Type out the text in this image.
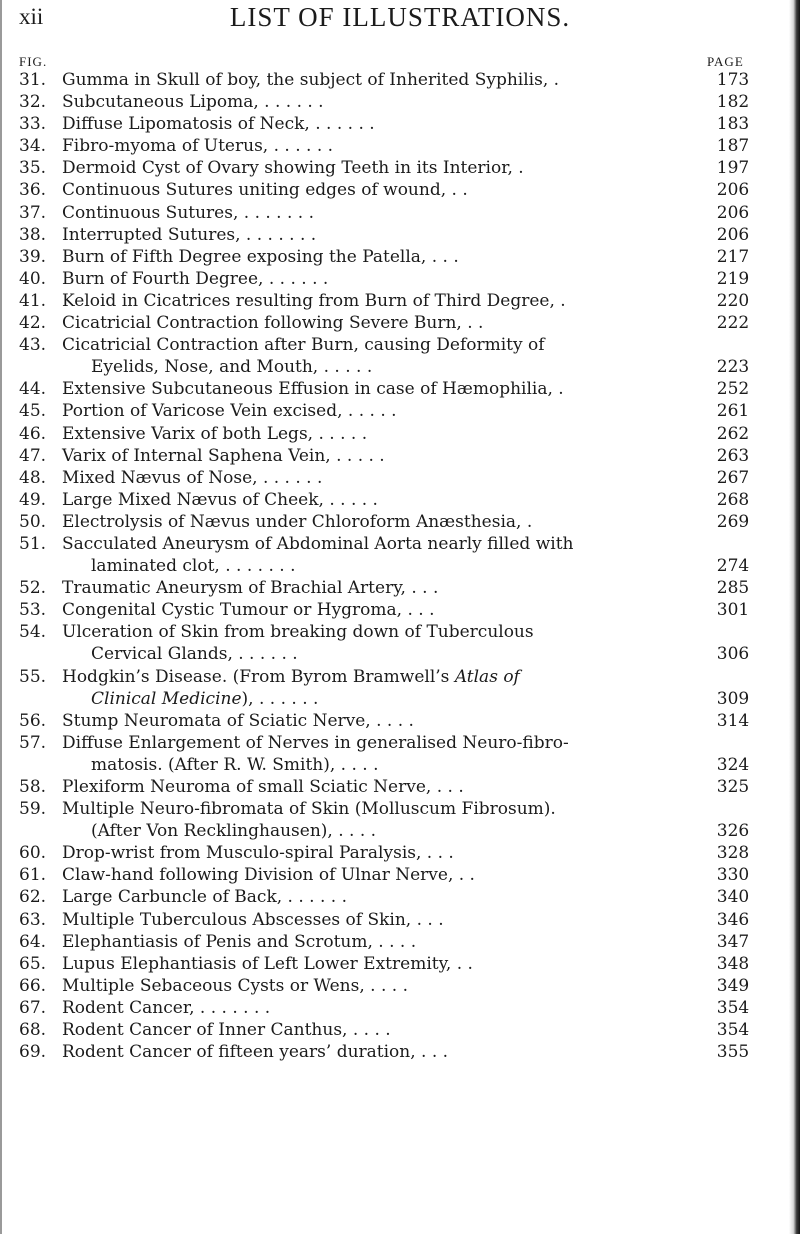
xii	LIST OF ILLUSTRATIONS.
FIG.	PAGE
31. Gumma in Skull of boy, the subject of Inherited Syphilis, .	173
32. Subcutaneous Lipoma, . . . . . .	182
33. Diffuse Lipomatosis of Neck, . . . . . .	183
34. Fibro-myoma of Uterus, . . . . . .	187
35. Dermoid Cyst of Ovary showing Teeth in its Interior, .	197
36. Continuous Sutures uniting edges of wound, . .	206
37. Continuous Sutures, . . . . . . .	206
38. Interrupted Sutures, . . . . . . .	206
39. Burn of Fifth Degree exposing the Patella, . . .	217
40. Burn of Fourth Degree, . . . . . .	219
41. Keloid in Cicatrices resulting from Burn of Third Degree, .	220
42. Cicatricial Contraction following Severe Burn, . .	222
43. Cicatricial Contraction after Burn, causing Deformity of
Eyelids, Nose, and Mouth, . . . . .	223
44. Extensive Subcutaneous Effusion in case of Hæmophilia, .	252
45. Portion of Varicose Vein excised, . . . . .	261
46. Extensive Varix of both Legs, . . . . .	262
47. Varix of Internal Saphena Vein, . . . . .	263
48. Mixed Nævus of Nose, . . . . . .	267
49. Large Mixed Nævus of Cheek, . . . . .	268
50. Electrolysis of Nævus under Chloroform Anæsthesia, .	269
51. Sacculated Aneurysm of Abdominal Aorta nearly filled with
laminated clot, . . . . . . .	274
52. Traumatic Aneurysm of Brachial Artery, . . .	285
53. Congenital Cystic Tumour or Hygroma, . . .	301
54. Ulceration of Skin from breaking down of Tuberculous
Cervical Glands, . . . . . .	306
55. Hodgkin’s Disease. (From Byrom Bramwell’s Atlas of
Clinical Medicine), . . . . . .	309
56. Stump Neuromata of Sciatic Nerve, . . . .	314
57. Diffuse Enlargement of Nerves in generalised Neuro-fibro-
matosis. (After R. W. Smith), . . . .	324
58. Plexiform Neuroma of small Sciatic Nerve, . . .	325
59. Multiple Neuro-fibromata of Skin (Molluscum Fibrosum).
(After Von Recklinghausen), . . . .	326
60. Drop-wrist from Musculo-spiral Paralysis, . . .	328
61. Claw-hand following Division of Ulnar Nerve, . .	330
62. Large Carbuncle of Back, . . . . . .	340
63. Multiple Tuberculous Abscesses of Skin, . . .	346
64. Elephantiasis of Penis and Scrotum, . . . .	347
65. Lupus Elephantiasis of Left Lower Extremity, . .	348
66. Multiple Sebaceous Cysts or Wens, . . . .	349
67. Rodent Cancer, . . . . . . .	354
68. Rodent Cancer of Inner Canthus, . . . .	354
69. Rodent Cancer of fifteen years’ duration, . . .	355
